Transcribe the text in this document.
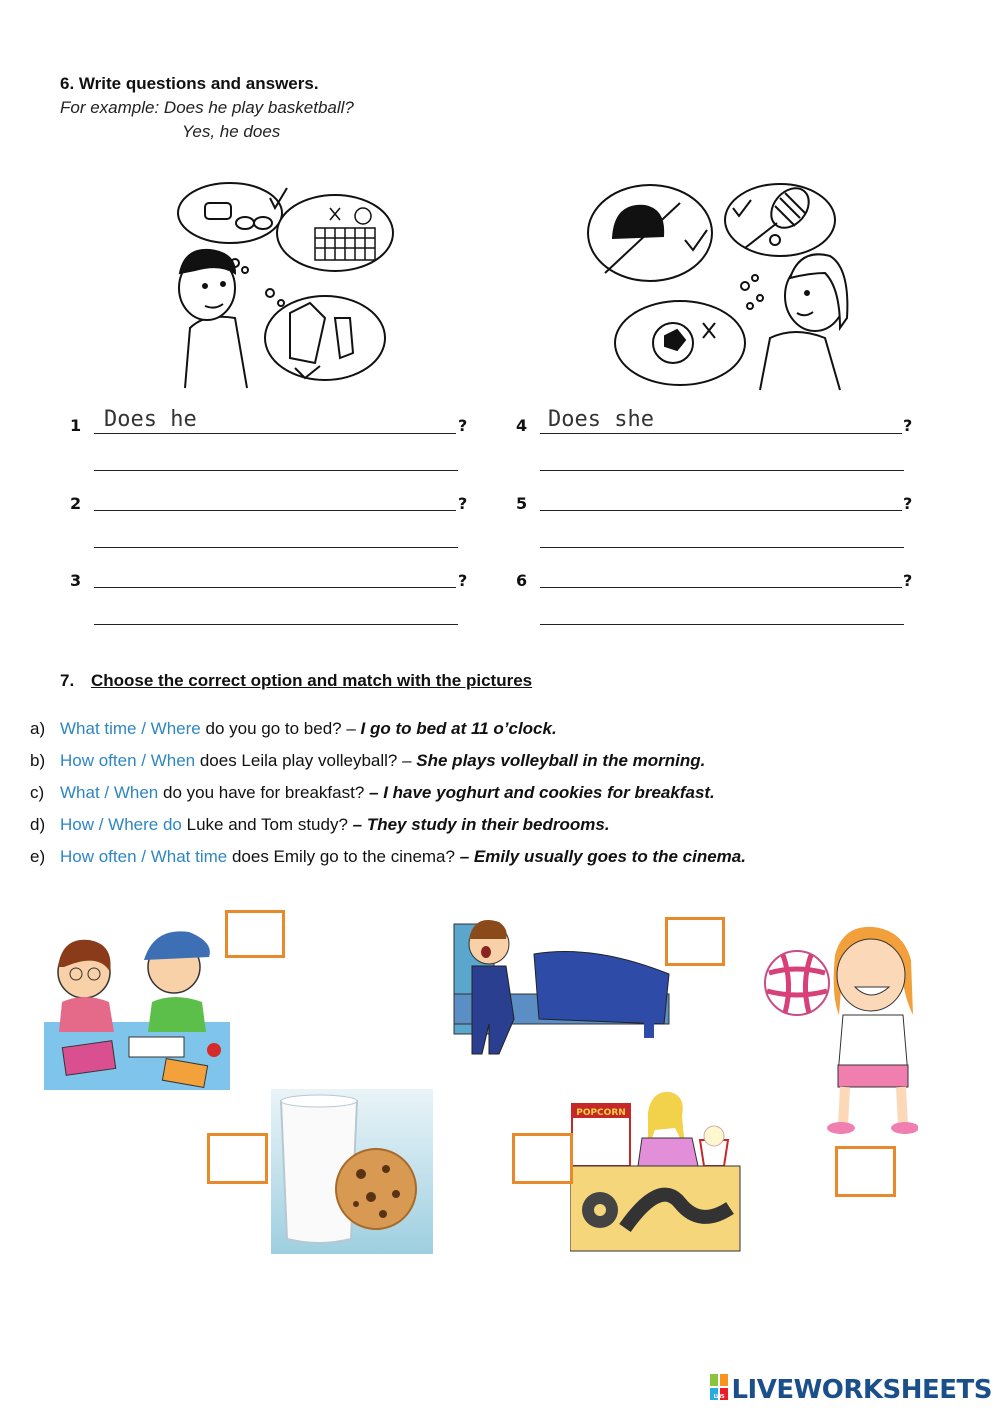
6. Write questions and answers.
For example: Does he play basketball?
Yes, he does
1 Does he	?
2	?
3	?
4 Does she	?
5	?
6	?
7. Choose the correct option and match with the pictures
a) What time / Where do you go to bed? – I go to bed at 11 o’clock.
b) How often / When does Leila play volleyball? – She plays volleyball in the morning.
c) What / When do you have for breakfast? – I have yoghurt and cookies for breakfast.
d) How / Where do Luke and Tom study? – They study in their bedrooms.
e) How often / What time does Emily go to the cinema? – Emily usually goes to the cinema.
POPCORN
LWS LIVEWORKSHEETS
